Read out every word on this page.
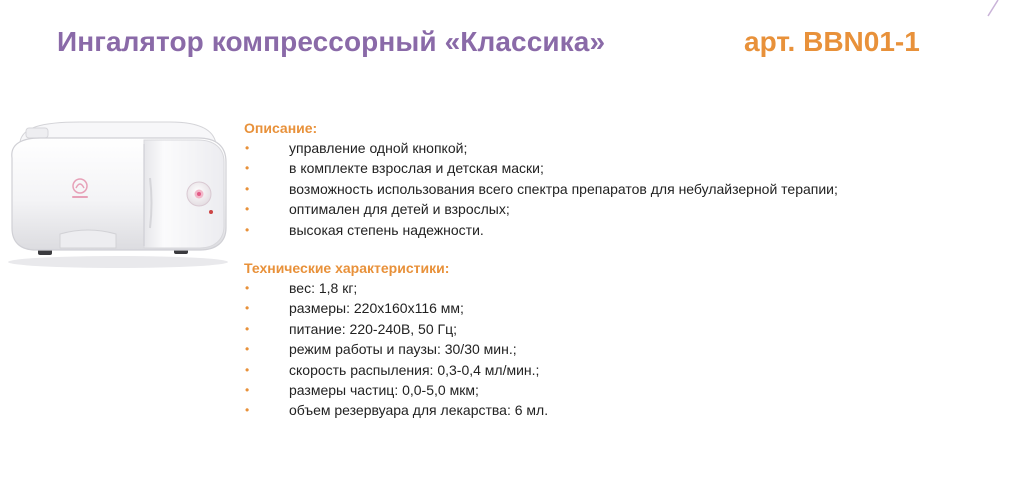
Ингалятор компрессорный «Классика»	арт. BBN01-1
Описание:
•	управление одной кнопкой;
•	в комплекте взрослая и детская маски;
•	возможность использования всего спектра препаратов для небулайзерной терапии;
•	оптимален для детей и взрослых;
•	высокая степень надежности.
Технические характеристики:
•	вес: 1,8 кг;
•	размеры: 220х160х116 мм;
•	питание: 220-240В, 50 Гц;
•	режим работы и паузы: 30/30 мин.;
•	скорость распыления: 0,3-0,4 мл/мин.;
•	размеры частиц: 0,0-5,0 мкм;
•	объем резервуара для лекарства: 6 мл.
